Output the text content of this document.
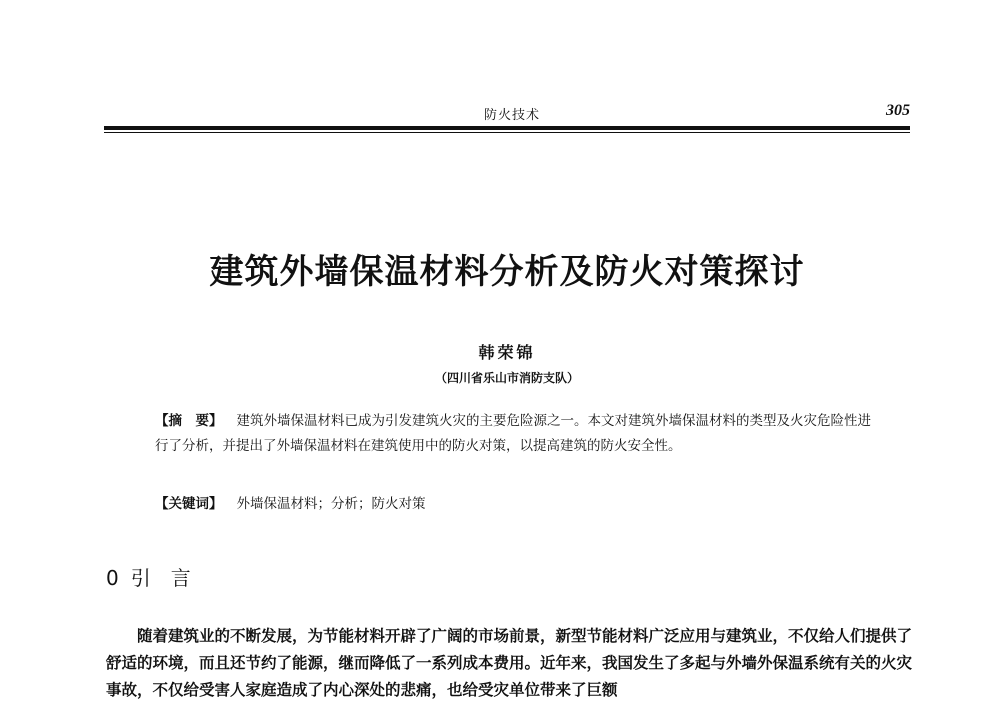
防火技术	305
建筑外墙保温材料分析及防火对策探讨
韩荣锦
（四川省乐山市消防支队）
【摘　要】 建筑外墙保温材料已成为引发建筑火灾的主要危险源之一。本文对建筑外墙保温材料的类型及火灾危险性进行了分析，并提出了外墙保温材料在建筑使用中的防火对策，以提高建筑的防火安全性。
【关键词】 外墙保温材料；分析；防火对策
0 引言
随着建筑业的不断发展，为节能材料开辟了广阔的市场前景，新型节能材料广泛应用与建筑业，不仅给人们提供了舒适的环境，而且还节约了能源，继而降低了一系列成本费用。近年来，我国发生了多起与外墙外保温系统有关的火灾事故，不仅给受害人家庭造成了内心深处的悲痛，也给受灾单位带来了巨额
